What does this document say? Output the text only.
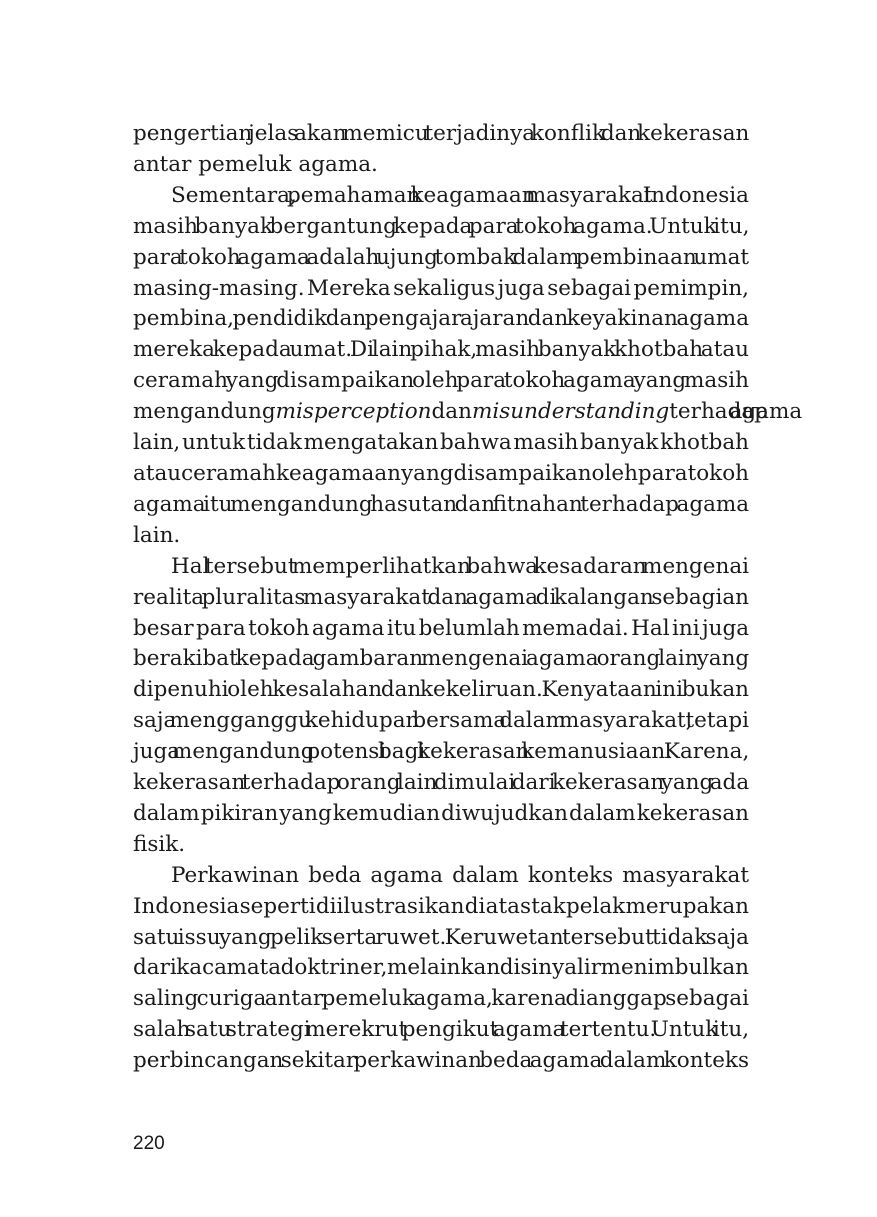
pengertian jelas akan memicu terjadinya konflik dan kekerasan
antar pemeluk agama.
Sementara, pemahaman keagamaan masyarakat Indonesia
masih banyak bergantung kepada para tokoh agama. Untuk itu,
para tokoh agama adalah ujung tombak dalam pembinaan umat
masing-masing. Mereka sekaligus juga sebagai pemimpin,
pembina, pendidik dan pengajar ajaran dan keyakinan agama
mereka kepada umat. Di lain pihak, masih banyak khotbah atau
ceramah yang disampaikan oleh para tokoh agama yang masih
mengandung misperception dan misunderstanding terhadap agama
lain, untuk tidak mengatakan bahwa masih banyak khotbah
atau ceramah keagamaan yang disampaikan oleh para tokoh
agama itu mengandung hasutan dan fitnahan terhadap agama
lain.
Hal tersebut memperlihatkan bahwa kesadaran mengenai
realita pluralitas masyarakat dan agama di kalangan sebagian
besar para tokoh agama itu belumlah memadai. Hal ini juga
berakibat kepada gambaran mengenai agama orang lain yang
dipenuhi oleh kesalahan dan kekeliruan. Kenyataan ini bukan
saja mengganggu kehidupan bersama dalam masyarakat, tetapi
juga mengandung potensi bagi kekerasan kemanusiaan. Karena,
kekerasan terhadap orang lain dimulai dari kekerasan yang ada
dalam pikiran yang kemudian diwujudkan dalam kekerasan
fisik.
Perkawinan beda agama dalam konteks masyarakat
Indonesia seperti diilustrasikan di atas tak pelak merupakan
satu issu yang pelik serta ruwet. Keruwetan tersebut tidak saja
dari kaca mata doktriner, melainkan disinyalir menimbulkan
saling curiga antar pemeluk agama, karena dianggap sebagai
salah satu strategi merekrut pengikut agama tertentu. Untuk itu,
perbincangan sekitar perkawinan beda agama dalam konteks
220
